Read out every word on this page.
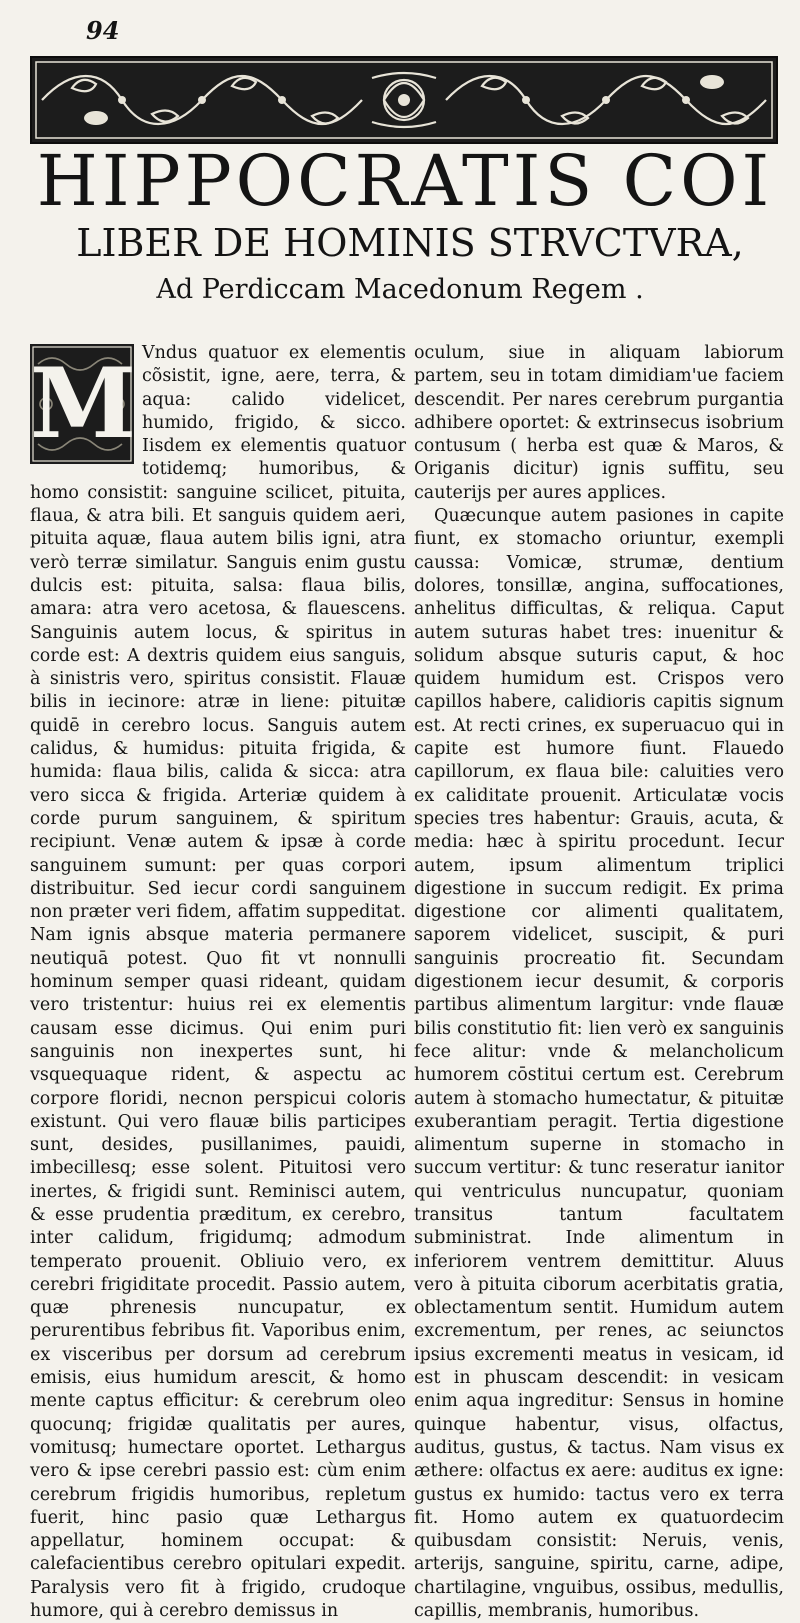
94
HIPPOCRATIS COI
LIBER DE HOMINIS STRVCTVRA,
Ad Perdiccam Macedonum Regem .
M Vndus quatuor ex elementis cõsistit, igne, aere, terra, & aqua: calido videlicet, humido, frigido, & sicco. Iisdem ex elementis quatuor totidemq; humoribus, & homo consistit: sanguine scilicet, pituita, flaua, & atra bili. Et sanguis quidem aeri, pituita aquæ, flaua autem bilis igni, atra verò terræ similatur. Sanguis enim gustu dulcis est: pituita, salsa: flaua bilis, amara: atra vero acetosa, & flauescens. Sanguinis autem locus, & spiritus in corde est: A dextris quidem eius sanguis, à sinistris vero, spiritus consistit. Flauæ bilis in iecinore: atræ in liene: pituitæ quidē in cerebro locus. Sanguis autem calidus, & humidus: pituita frigida, & humida: flaua bilis, calida & sicca: atra vero sicca & frigida. Arteriæ quidem à corde purum sanguinem, & spiritum recipiunt. Venæ autem & ipsæ à corde sanguinem sumunt: per quas corpori distribuitur. Sed iecur cordi sanguinem non præter veri fidem, affatim suppeditat. Nam ignis absque materia permanere neutiquā potest. Quo fit vt nonnulli hominum semper quasi rideant, quidam vero tristentur: huius rei ex elementis causam esse dicimus. Qui enim puri sanguinis non inexpertes sunt, hi vsquequaque rident, & aspectu ac corpore floridi, necnon perspicui coloris existunt. Qui vero flauæ bilis participes sunt, desides, pusillanimes, pauidi, imbecillesq; esse solent. Pituitosi vero inertes, & frigidi sunt. Reminisci autem, & esse prudentia præditum, ex cerebro, inter calidum, frigidumq; admodum temperato prouenit. Obliuio vero, ex cerebri frigiditate procedit. Passio autem, quæ phrenesis nuncupatur, ex perurentibus febribus fit. Vaporibus enim, ex visceribus per dorsum ad cerebrum emisis, eius humidum arescit, & homo mente captus efficitur: & cerebrum oleo quocunq; frigidæ qualitatis per aures, vomitusq; humectare oportet. Lethargus vero & ipse cerebri passio est: cùm enim cerebrum frigidis humoribus, repletum fuerit, hinc pasio quæ Lethargus appellatur, hominem occupat: & calefacientibus cerebro opitulari expedit. Paralysis vero fit à frigido, crudoque humore, qui à cerebro demissus in

oculum, siue in aliquam labiorum partem, seu in totam dimidiam'ue faciem descendit. Per nares cerebrum purgantia adhibere oportet: & extrinsecus isobrium contusum ( herba est quæ & Maros, & Origanis dicitur) ignis suffitu, seu cauterijs per aures applices.

Quæcunque autem pasiones in capite fiunt, ex stomacho oriuntur, exempli caussa: Vomicæ, strumæ, dentium dolores, tonsillæ, angina, suffocationes, anhelitus difficultas, & reliqua. Caput autem suturas habet tres: inuenitur & solidum absque suturis caput, & hoc quidem humidum est. Crispos vero capillos habere, calidioris capitis signum est. At recti crines, ex superuacuo qui in capite est humore fiunt. Flauedo capillorum, ex flaua bile: caluities vero ex caliditate prouenit. Articulatæ vocis species tres habentur: Grauis, acuta, & media: hæc à spiritu procedunt. Iecur autem, ipsum alimentum triplici digestione in succum redigit. Ex prima digestione cor alimenti qualitatem, saporem videlicet, suscipit, & puri sanguinis procreatio fit. Secundam digestionem iecur desumit, & corporis partibus alimentum largitur: vnde flauæ bilis constitutio fit: lien verò ex sanguinis fece alitur: vnde & melancholicum humorem cōstitui certum est. Cerebrum autem à stomacho humectatur, & pituitæ exuberantiam peragit. Tertia digestione alimentum superne in stomacho in succum vertitur: & tunc reseratur ianitor qui ventriculus nuncupatur, quoniam transitus tantum facultatem subministrat. Inde alimentum in inferiorem ventrem demittitur. Aluus vero à pituita ciborum acerbitatis gratia, oblectamentum sentit. Humidum autem excrementum, per renes, ac seiunctos ipsius excrementi meatus in vesicam, id est in phuscam descendit: in vesicam enim aqua ingreditur: Sensus in homine quinque habentur, visus, olfactus, auditus, gustus, & tactus. Nam visus ex æthere: olfactus ex aere: auditus ex igne: gustus ex humido: tactus vero ex terra fit. Homo autem ex quatuordecim quibusdam consistit: Neruis, venis, arterijs, sanguine, spiritu, carne, adipe, chartilagine, vnguibus, ossibus, medullis, capillis, membranis, humoribus.
